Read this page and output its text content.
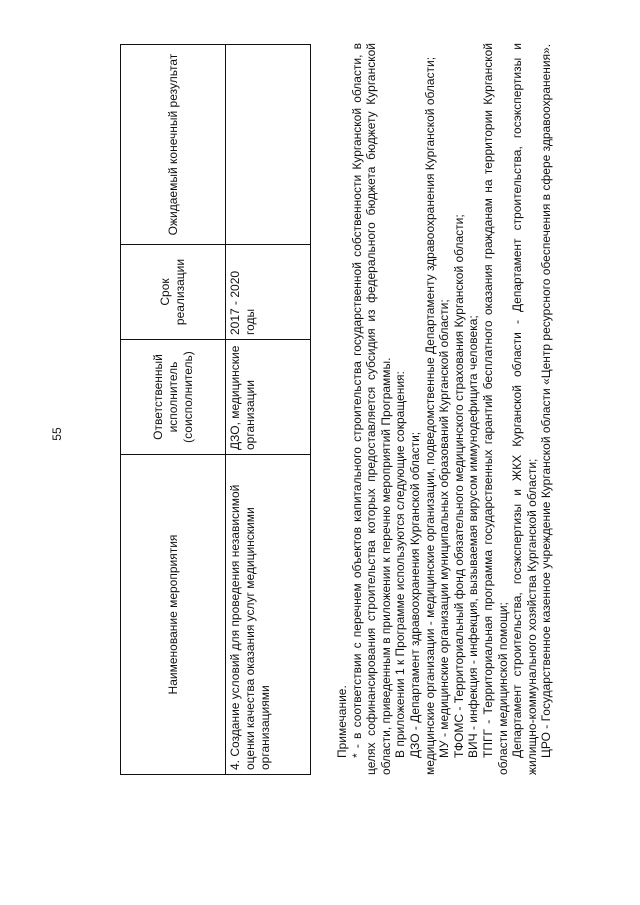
55
Наименование мероприятия	Ответственный исполнитель (соисполнитель)	Срок реализации	Ожидаемый конечный результат
4. Создание условий для проведения независимой оценки качества оказания услуг медицинскими организациями	ДЗО, медицинские организации	2017 - 2020 годы	

Примечание. * - в соответствии с перечнем объектов капитального строительства государственной собственности Курганской области, в целях софинансирования строительства которых предоставляется субсидия из федерального бюджета бюджету Курганской области, приведенным в приложении к перечню мероприятий Программы. В приложении 1 к Программе используются следующие сокращения: ДЗО - Департамент здравоохранения Курганской области; медицинские организации - медицинские организации, подведомственные Департаменту здравоохранения Курганской области; МУ - медицинские организации муниципальных образований Курганской области; ТФОМС - Территориальный фонд обязательного медицинского страхования Курганской области; ВИЧ - инфекция - инфекция, вызываемая вирусом иммунодефицита человека; ТПГГ - Территориальная программа государственных гарантий бесплатного оказания гражданам на территории Курганской области медицинской помощи; Департамент строительства, госэкспертизы и ЖКХ Курганской области - Департамент строительства, госэкспертизы и жилищно-коммунального хозяйства Курганской области; ЦРО - Государственное казенное учреждение Курганской области «Центр ресурсного обеспечения в сфере здравоохранения».
